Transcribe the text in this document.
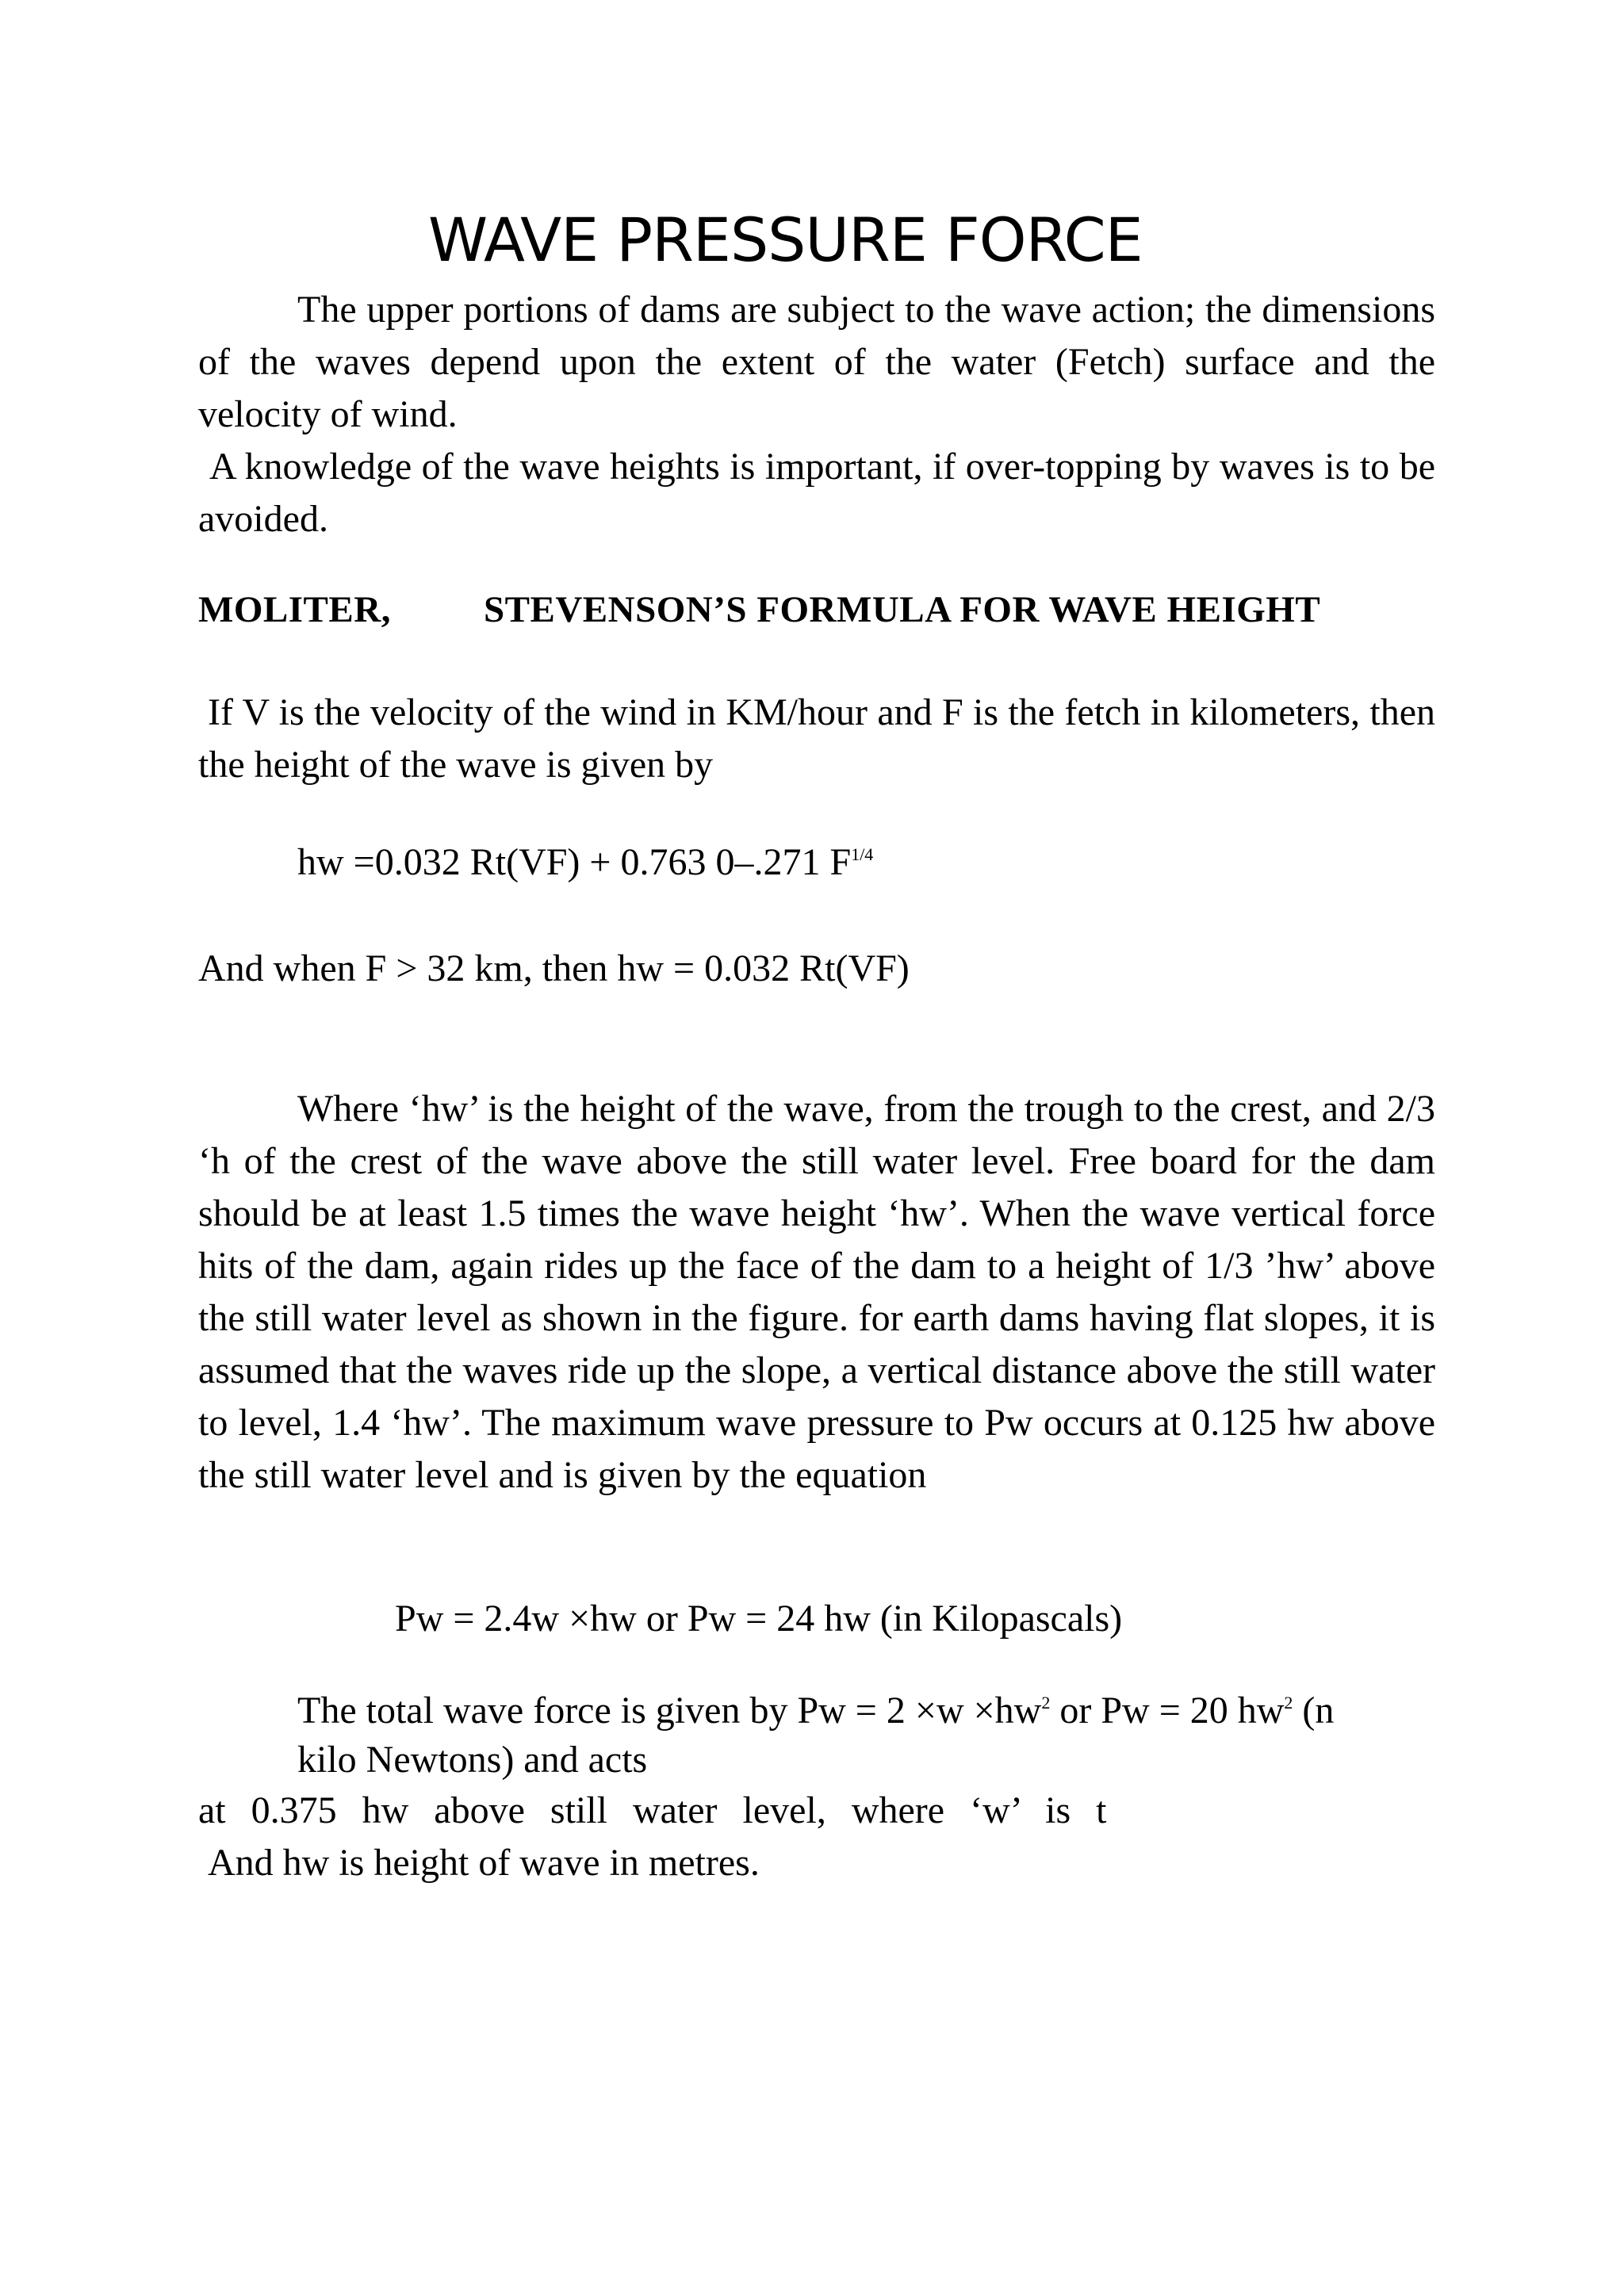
WAVE PRESSURE FORCE
The upper portions of dams are subject to the wave action; the dimensions of the waves depend upon the extent of the water (Fetch) surface and the velocity of wind.
A knowledge of the wave heights is important, if over-topping by waves is to be avoided.
MOLITER,	STEVENSON’S FORMULA FOR WAVE HEIGHT
If V is the velocity of the wind in KM/hour and F is the fetch in kilometers, then the height of the wave is given by
hw =0.032 Rt(VF) + 0.763 0–.271 $F^{1/4}$
And when F > 32 km, then hw = 0.032 Rt(VF)
Where ‘hw’ is the height of the wave, from the trough to the crest, and 2/3 ‘h of the crest of the wave above the still water level. Free board for the dam should be at least 1.5 times the wave height ‘hw’. When the wave vertical force hits of the dam, again rides up the face of the dam to a height of 1/3 ’hw’ above the still water level as shown in the figure. for earth dams having flat slopes, it is assumed that the waves ride up the slope, a vertical distance above the still water to level, 1.4 ‘hw’. The maximum wave pressure to Pw occurs at 0.125 hw above the still water level and is given by the equation
Pw = 2.4w ×hw or Pw = 24 hw (in Kilopascals)
The total wave force is given by $Pw = 2 \times w \times hw^2$ or Pw = 20 $hw^2$ (n
kilo Newtons) and acts
at 0.375 hw above still water level, where ‘w’ is t
And hw is height of wave in metres.
